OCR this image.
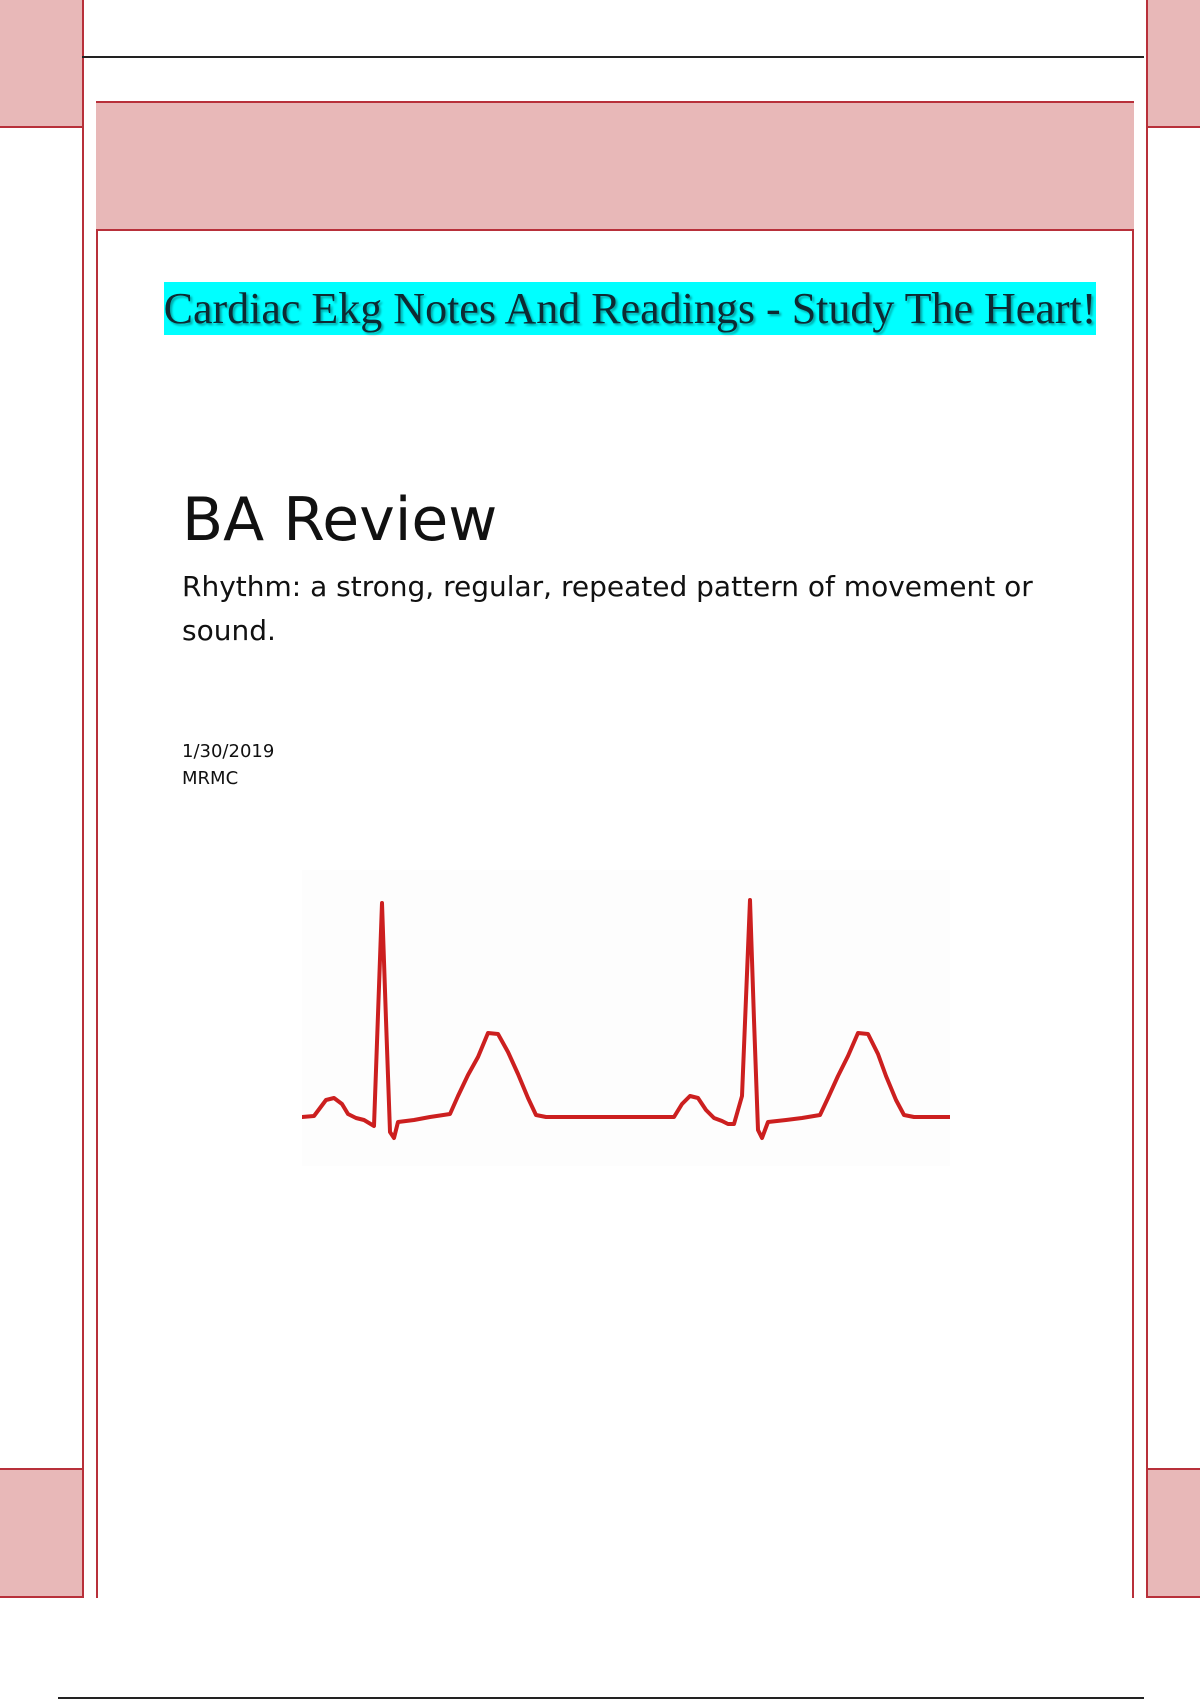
Cardiac Ekg Notes And Readings - Study The Heart!
BA Review
Rhythm: a strong, regular, repeated pattern of movement or sound.
1/30/2019
MRMC
